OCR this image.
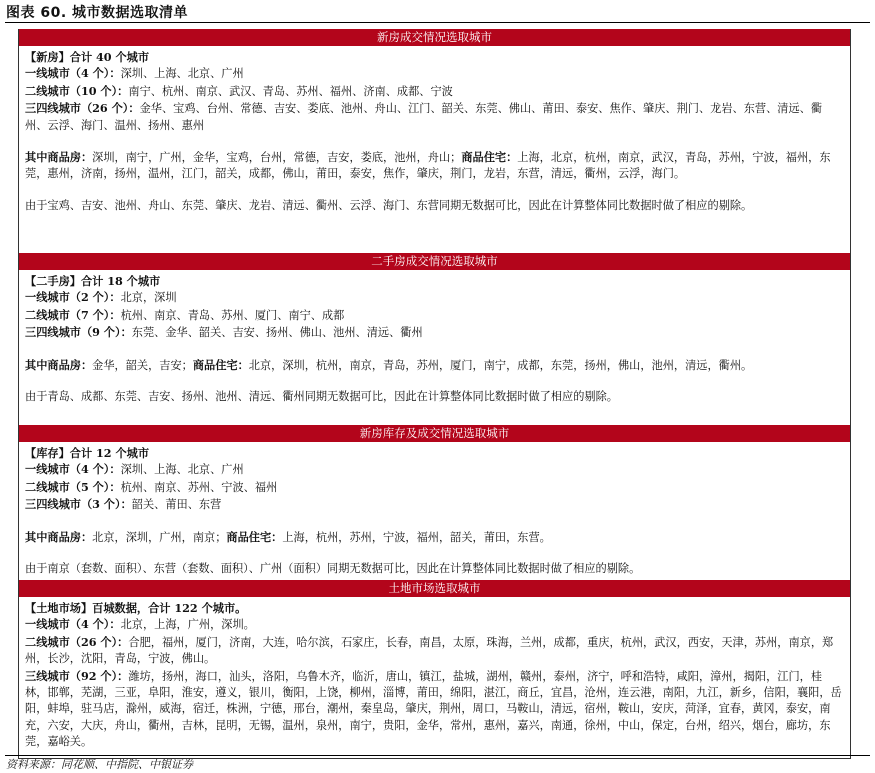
图表 60. 城市数据选取清单
新房成交情况选取城市
【新房】合计 40 个城市
一线城市（4 个）：深圳、上海、北京、广州
二线城市（10 个）：南宁、杭州、南京、武汉、青岛、苏州、福州、济南、成都、宁波
三四线城市（26 个）：金华、宝鸡、台州、常德、吉安、娄底、池州、舟山、江门、韶关、东莞、佛山、莆田、泰安、焦作、肇庆、荆门、龙岩、东营、清远、衢州、云浮、海门、温州、扬州、惠州
其中商品房：深圳，南宁，广州，金华，宝鸡，台州，常德，吉安，娄底，池州，舟山；商品住宅：上海，北京，杭州，南京，武汉，青岛，苏州，宁波，福州，东莞，惠州，济南，扬州，温州，江门，韶关，成都，佛山，莆田，泰安，焦作，肇庆，荆门，龙岩，东营，清远，衢州，云浮，海门。
由于宝鸡、吉安、池州、舟山、东莞、肇庆、龙岩、清远、衢州、云浮、海门、东营同期无数据可比，因此在计算整体同比数据时做了相应的剔除。
二手房成交情况选取城市
【二手房】合计 18 个城市
一线城市（2 个）：北京，深圳
二线城市（7 个）：杭州、南京、青岛、苏州、厦门、南宁、成都
三四线城市（9 个）：东莞、金华、韶关、吉安、扬州、佛山、池州、清远、衢州
其中商品房：金华，韶关，吉安；商品住宅：北京，深圳，杭州，南京，青岛，苏州，厦门，南宁，成都，东莞，扬州，佛山，池州，清远，衢州。
由于青岛、成都、东莞、吉安、扬州、池州、清远、衢州同期无数据可比，因此在计算整体同比数据时做了相应的剔除。
新房库存及成交情况选取城市
【库存】合计 12 个城市
一线城市（4 个）：深圳、上海、北京、广州
二线城市（5 个）：杭州、南京、苏州、宁波、福州
三四线城市（3 个）：韶关、莆田、东营
其中商品房：北京，深圳，广州，南京；商品住宅：上海，杭州，苏州，宁波，福州，韶关，莆田，东营。
由于南京（套数、面积）、东营（套数、面积）、广州（面积）同期无数据可比，因此在计算整体同比数据时做了相应的剔除。
土地市场选取城市
【土地市场】百城数据，合计 122 个城市。
一线城市（4 个）：北京，上海，广州，深圳。
二线城市（26 个）：合肥，福州，厦门，济南，大连，哈尔滨，石家庄，长春，南昌，太原，珠海，兰州，成都，重庆，杭州，武汉，西安，天津，苏州，南京，郑州，长沙，沈阳，青岛，宁波，佛山。
三线城市（92 个）：潍坊，扬州，海口，汕头，洛阳，乌鲁木齐，临沂，唐山，镇江，盐城，湖州，赣州，泰州，济宁，呼和浩特，咸阳，漳州，揭阳，江门，桂林，邯郸，芜湖，三亚，阜阳，淮安，遵义，银川，衡阳，上饶，柳州，淄博，莆田，绵阳，湛江，商丘，宜昌，沧州，连云港，南阳，九江，新乡，信阳，襄阳，岳阳，蚌埠，驻马店，滁州，威海，宿迁，株洲，宁德，邢台，潮州，秦皇岛，肇庆，荆州，周口，马鞍山，清远，宿州，鞍山，安庆，菏泽，宜春，黄冈，泰安，南充，六安，大庆，舟山，衢州，吉林，昆明，无锡，温州，泉州，南宁，贵阳，金华，常州，惠州，嘉兴，南通，徐州，中山，保定，台州，绍兴，烟台，廊坊，东莞，嘉峪关。
资料来源：同花顺、中指院、中银证券
